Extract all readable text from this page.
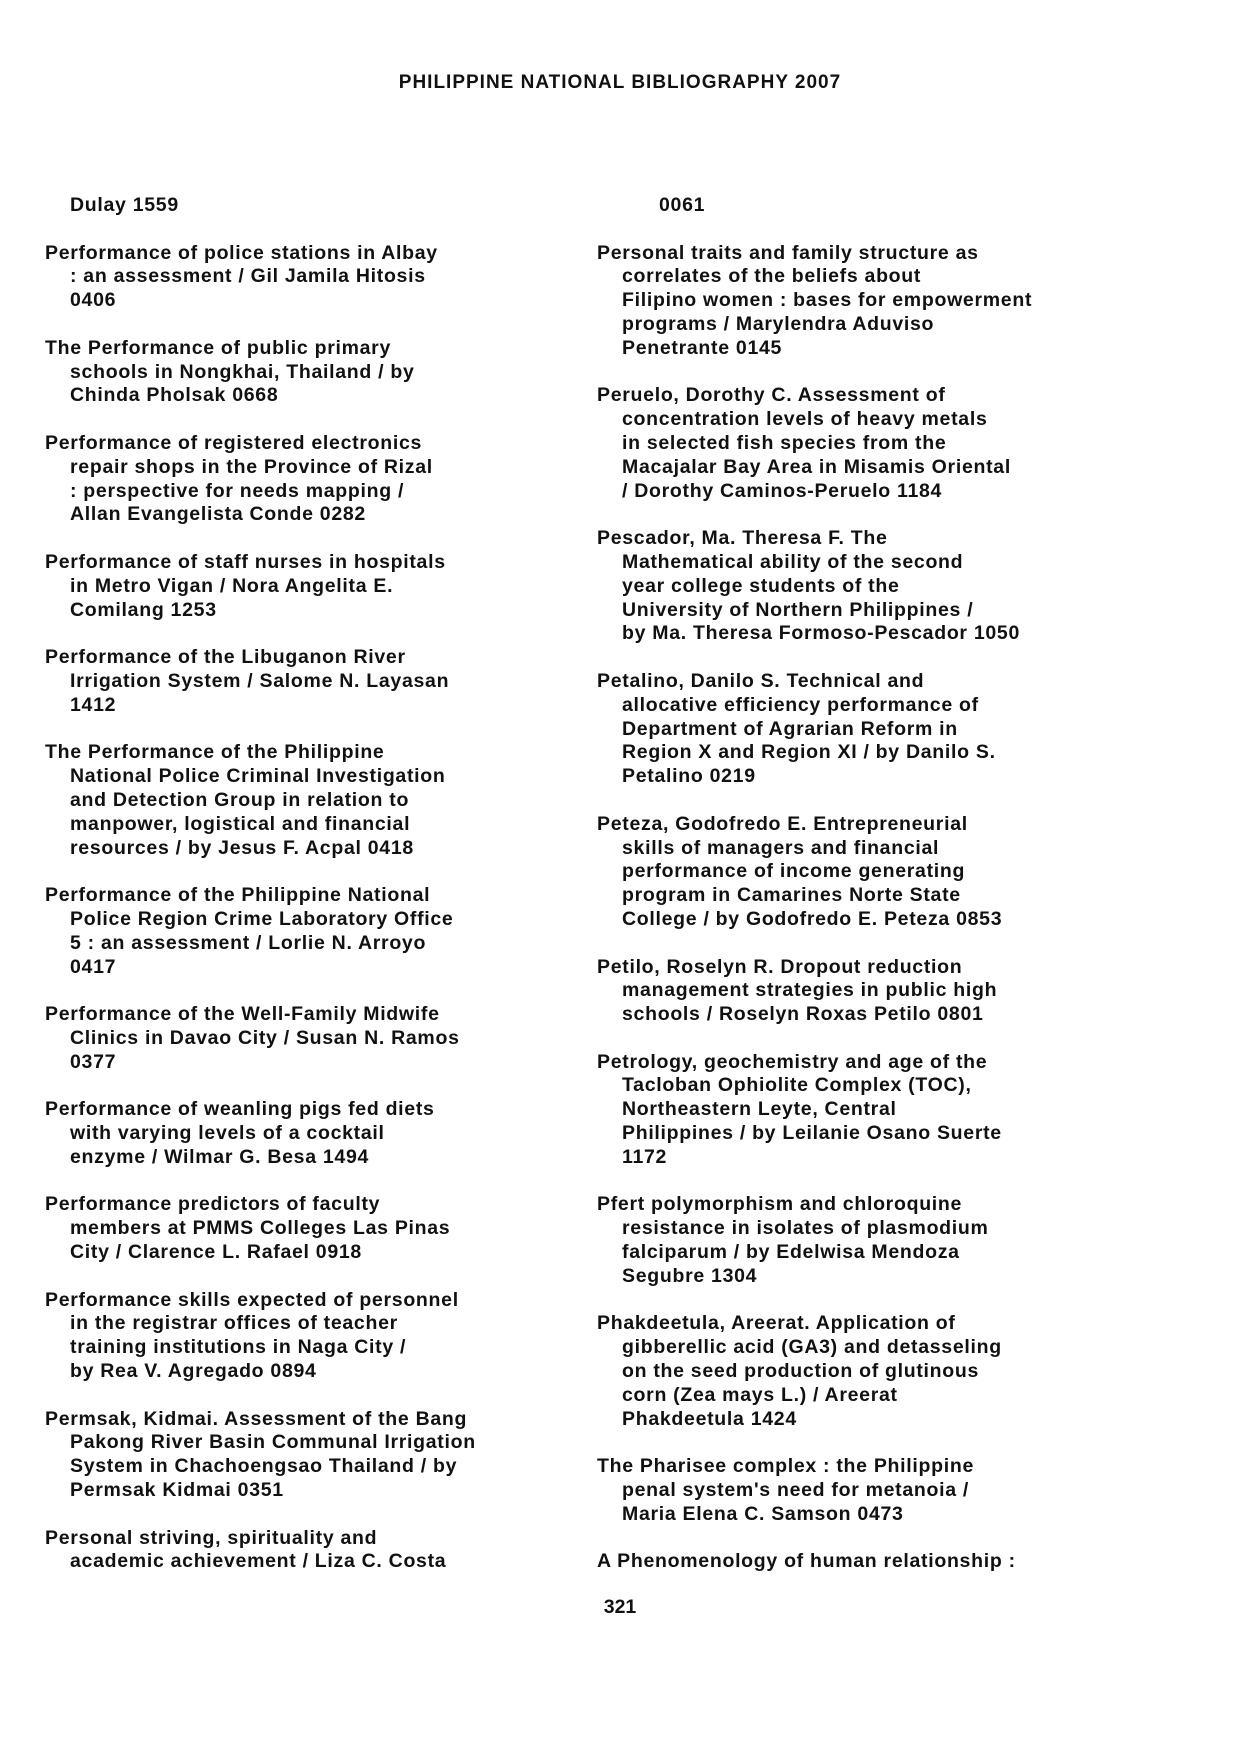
PHILIPPINE NATIONAL BIBLIOGRAPHY 2007
Dulay 1559
Performance of police stations in Albay
: an assessment / Gil Jamila Hitosis
0406
The Performance of public primary
schools in Nongkhai, Thailand / by
Chinda Pholsak 0668
Performance of registered electronics
repair shops in the Province of Rizal
: perspective for needs mapping /
Allan Evangelista Conde 0282
Performance of staff nurses in hospitals
in Metro Vigan / Nora Angelita E.
Comilang 1253
Performance of the Libuganon River
Irrigation System / Salome N. Layasan
1412
The Performance of the Philippine
National Police Criminal Investigation
and Detection Group in relation to
manpower, logistical and financial
resources / by Jesus F. Acpal 0418
Performance of the Philippine National
Police Region Crime Laboratory Office
5 : an assessment / Lorlie N. Arroyo
0417
Performance of the Well-Family Midwife
Clinics in Davao City / Susan N. Ramos
0377
Performance of weanling pigs fed diets
with varying levels of a cocktail
enzyme / Wilmar G. Besa 1494
Performance predictors of faculty
members at PMMS Colleges Las Pinas
City / Clarence L. Rafael 0918
Performance skills expected of personnel
in the registrar offices of teacher
training institutions in Naga City /
by Rea V. Agregado 0894
Permsak, Kidmai. Assessment of the Bang
Pakong River Basin Communal Irrigation
System in Chachoengsao Thailand / by
Permsak Kidmai 0351
Personal striving, spirituality and
academic achievement / Liza C. Costa
0061
Personal traits and family structure as
correlates of the beliefs about
Filipino women : bases for empowerment
programs / Marylendra Aduviso
Penetrante 0145
Peruelo, Dorothy C. Assessment of
concentration levels of heavy metals
in selected fish species from the
Macajalar Bay Area in Misamis Oriental
/ Dorothy Caminos-Peruelo 1184
Pescador, Ma. Theresa F. The
Mathematical ability of the second
year college students of the
University of Northern Philippines /
by Ma. Theresa Formoso-Pescador 1050
Petalino, Danilo S. Technical and
allocative efficiency performance of
Department of Agrarian Reform in
Region X and Region XI / by Danilo S.
Petalino 0219
Peteza, Godofredo E. Entrepreneurial
skills of managers and financial
performance of income generating
program in Camarines Norte State
College / by Godofredo E. Peteza 0853
Petilo, Roselyn R. Dropout reduction
management strategies in public high
schools / Roselyn Roxas Petilo 0801
Petrology, geochemistry and age of the
Tacloban Ophiolite Complex (TOC),
Northeastern Leyte, Central
Philippines / by Leilanie Osano Suerte
1172
Pfert polymorphism and chloroquine
resistance in isolates of plasmodium
falciparum / by Edelwisa Mendoza
Segubre 1304
Phakdeetula, Areerat. Application of
gibberellic acid (GA3) and detasseling
on the seed production of glutinous
corn (Zea mays L.) / Areerat
Phakdeetula 1424
The Pharisee complex : the Philippine
penal system's need for metanoia /
Maria Elena C. Samson 0473
A Phenomenology of human relationship :
321
